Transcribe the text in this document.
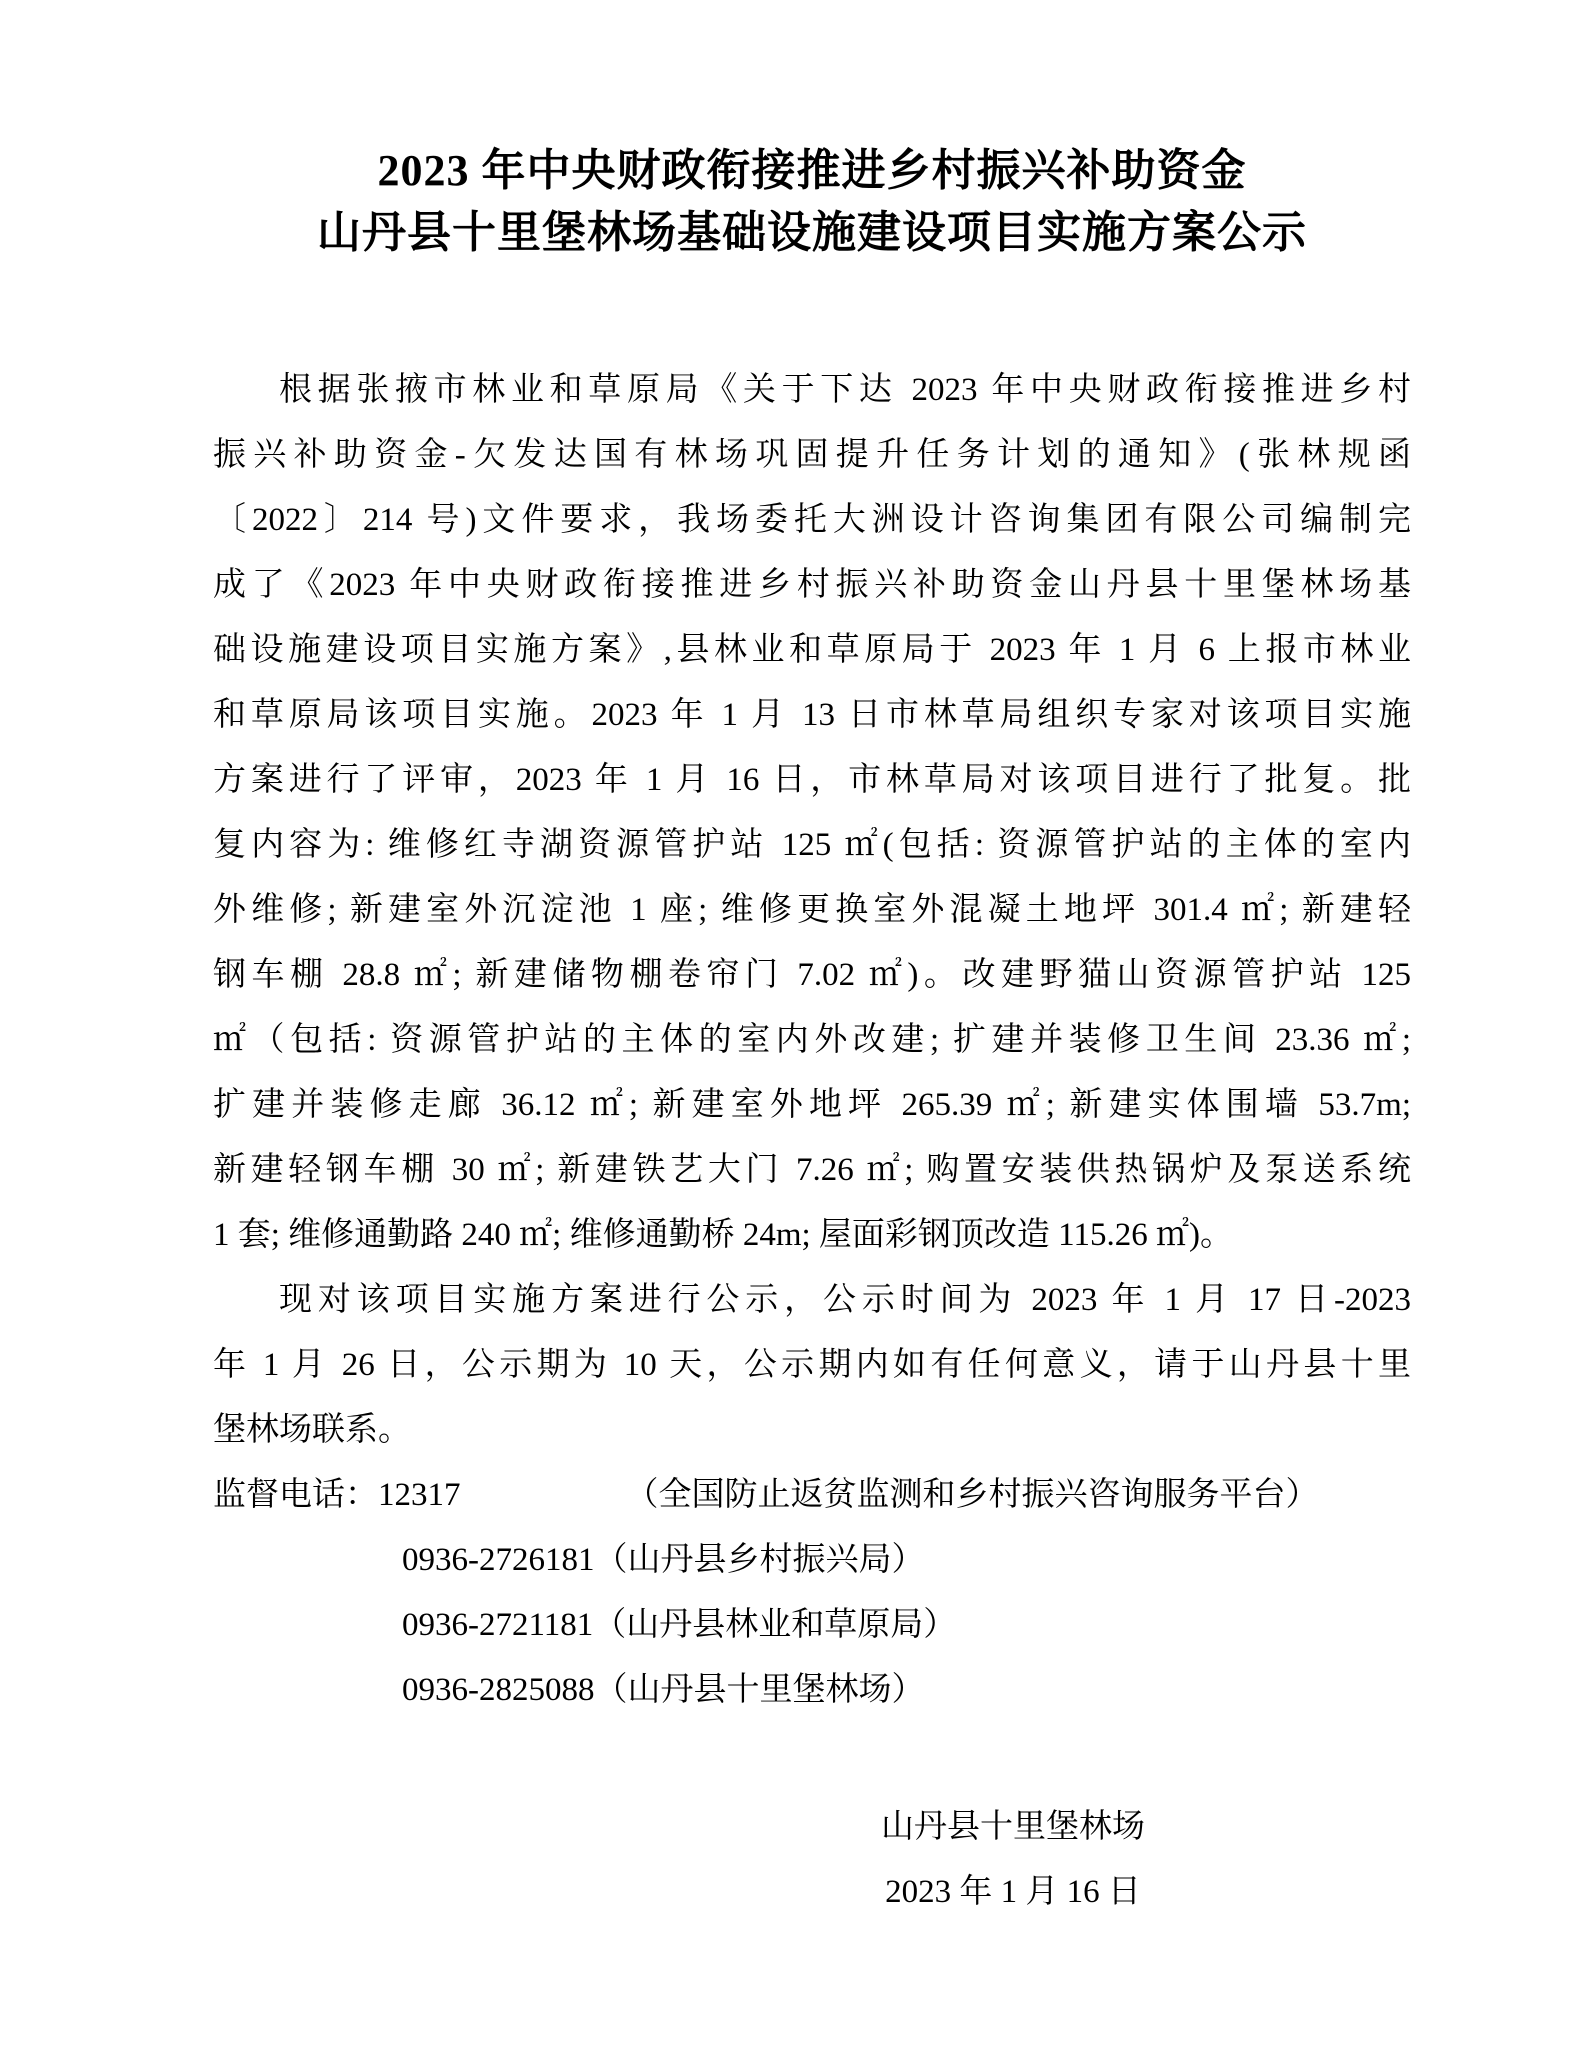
2023 年中央财政衔接推进乡村振兴补助资金
山丹县十里堡林场基础设施建设项目实施方案公示
根据张掖市林业和草原局《关于下达 2023 年中央财政衔接推进乡村
振兴补助资金-欠发达国有林场巩固提升任务计划的通知》(张林规函
〔2022〕214 号)文件要求，我场委托大洲设计咨询集团有限公司编制完
成了《2023 年中央财政衔接推进乡村振兴补助资金山丹县十里堡林场基
础设施建设项目实施方案》,县林业和草原局于 2023 年 1 月 6 上报市林业
和草原局该项目实施。2023 年 1 月 13 日市林草局组织专家对该项目实施
方案进行了评审，2023 年 1 月 16 日，市林草局对该项目进行了批复。批
复内容为: 维修红寺湖资源管护站 125 ㎡(包括: 资源管护站的主体的室内
外维修; 新建室外沉淀池 1 座; 维修更换室外混凝土地坪 301.4 ㎡; 新建轻
钢车棚 28.8 ㎡; 新建储物棚卷帘门 7.02 ㎡)。改建野猫山资源管护站 125
㎡（包括: 资源管护站的主体的室内外改建; 扩建并装修卫生间 23.36 ㎡;
扩建并装修走廊 36.12 ㎡; 新建室外地坪 265.39 ㎡; 新建实体围墙 53.7m;
新建轻钢车棚 30 ㎡; 新建铁艺大门 7.26 ㎡; 购置安装供热锅炉及泵送系统
1 套; 维修通勤路 240 ㎡; 维修通勤桥 24m; 屋面彩钢顶改造 115.26 ㎡)。
现对该项目实施方案进行公示，公示时间为 2023 年 1 月 17 日-2023
年 1 月 26 日，公示期为 10 天，公示期内如有任何意义，请于山丹县十里
堡林场联系。
监督电话：12317	（全国防止返贫监测和乡村振兴咨询服务平台）
0936-2726181（山丹县乡村振兴局）
0936-2721181（山丹县林业和草原局）
0936-2825088（山丹县十里堡林场）
山丹县十里堡林场
2023 年 1 月 16 日
